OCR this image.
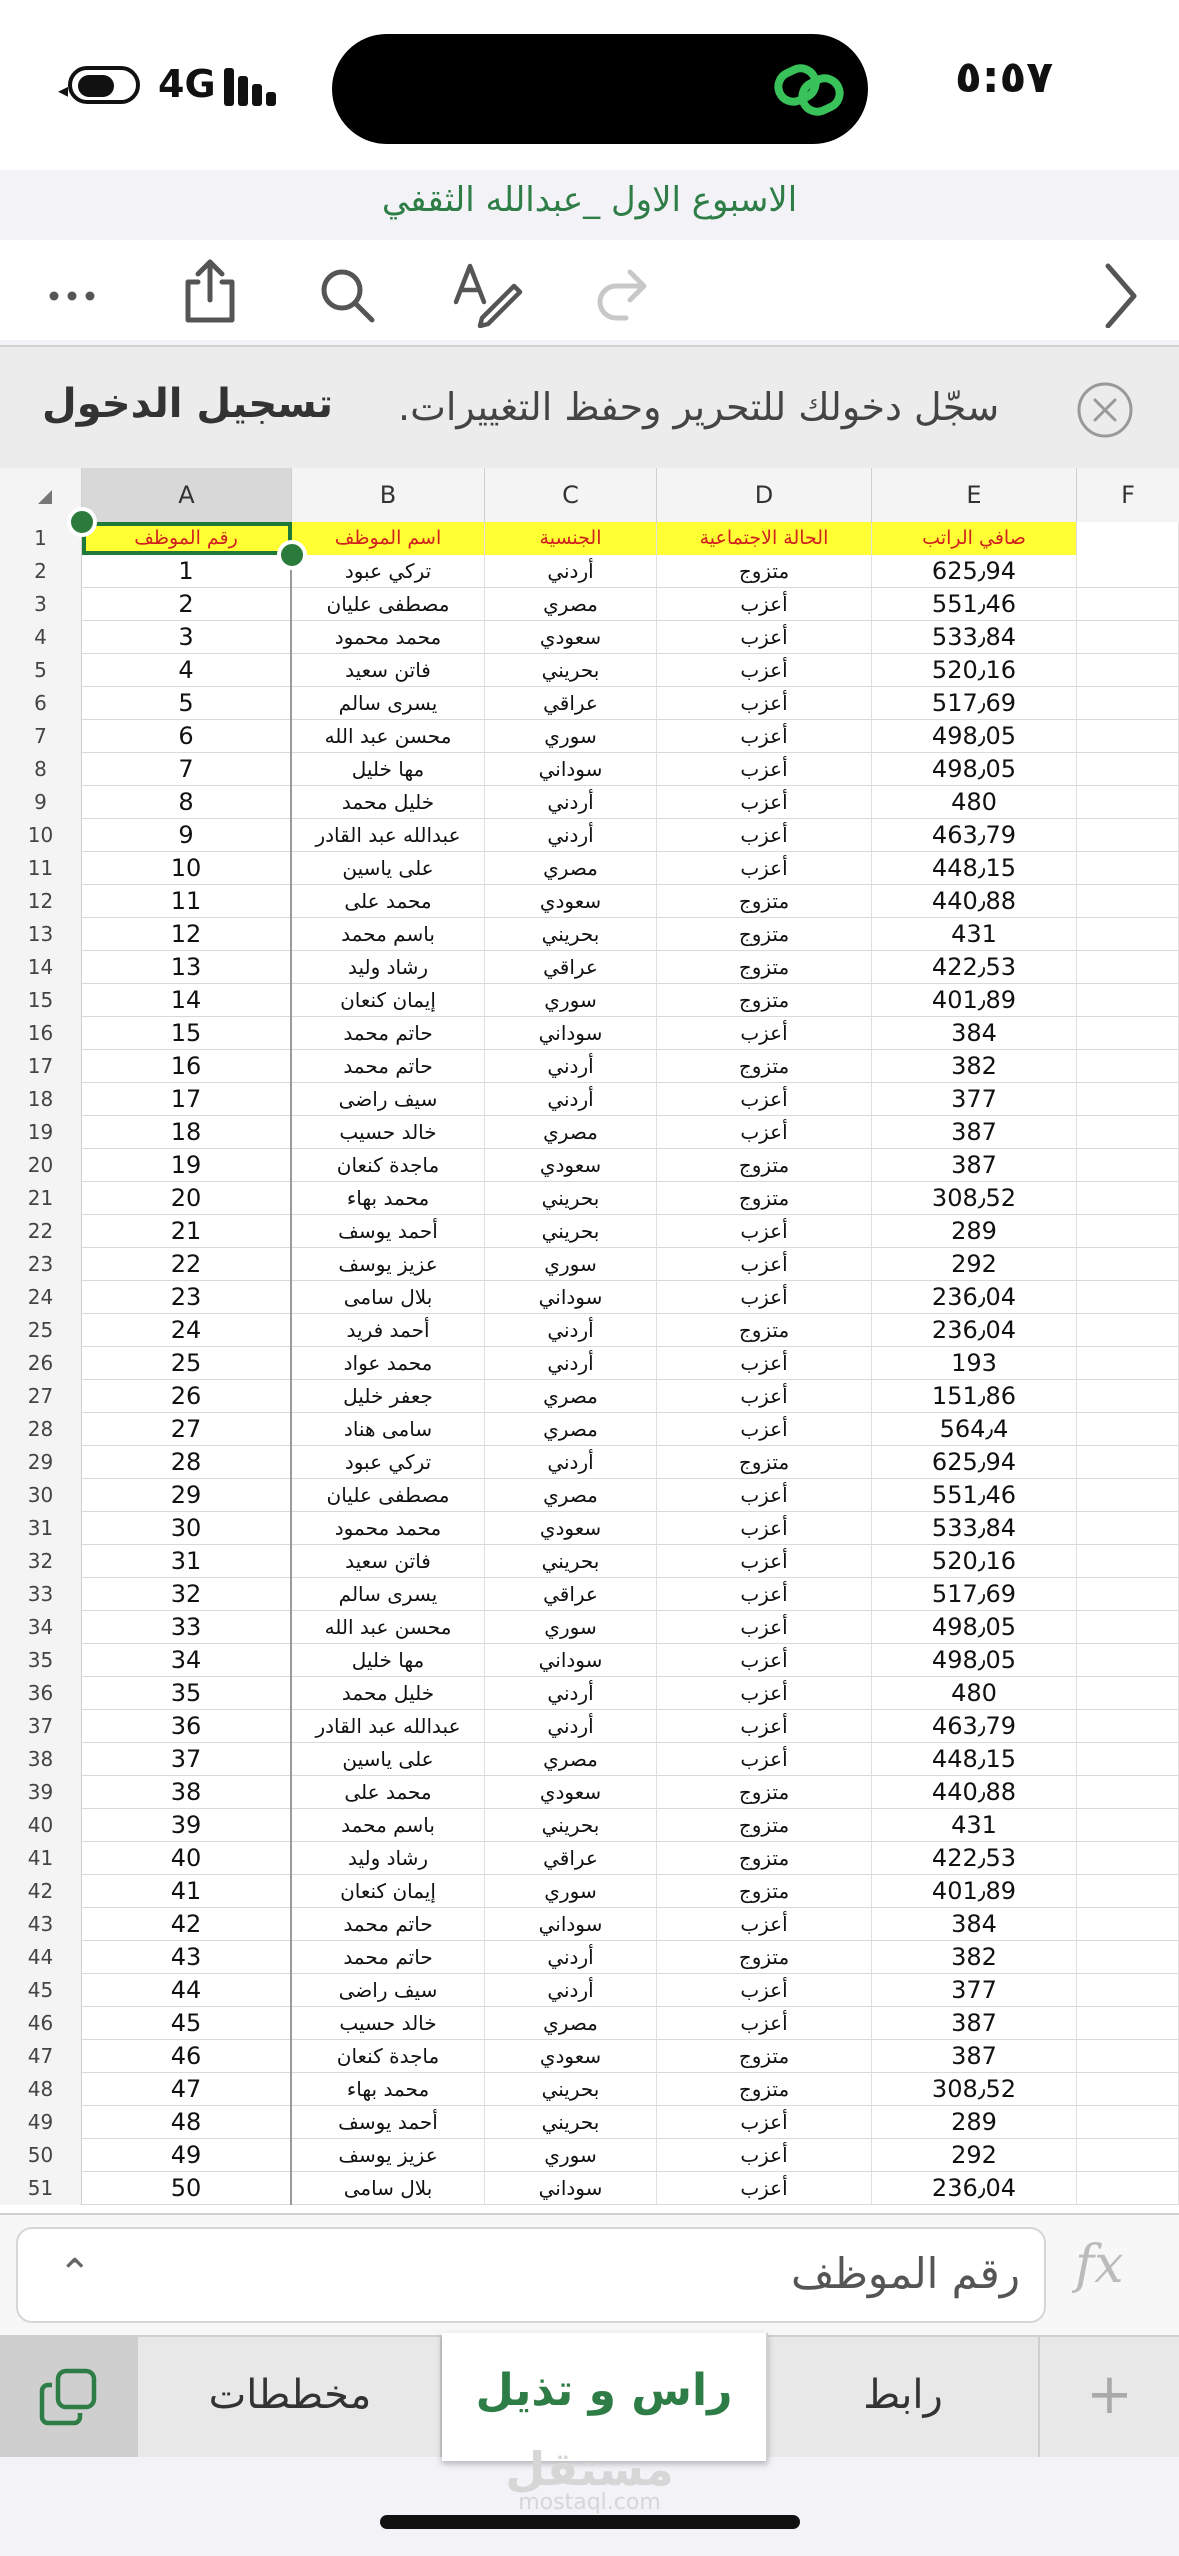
◂ 4G	٥:٥٧
الاسبوع الاول _عبدالله الثقفي
تسجيل الدخول سجّل دخولك للتحرير وحفظ التغييرات.
A	B	C	D	E	F
1	رقم الموظف	اسم الموظف	الجنسية	الحالة الاجتماعية	صافي الراتب
2	1	تركي عبود	أردني	متزوج	625٫94
3	2	مصطفى عليان	مصري	أعزب	551٫46
4	3	محمد محمود	سعودي	أعزب	533٫84
5	4	فاتن سعيد	بحريني	أعزب	520٫16
6	5	يسرى سالم	عراقي	أعزب	517٫69
7	6	محسن عبد الله	سوري	أعزب	498٫05
8	7	مها خليل	سوداني	أعزب	498٫05
9	8	خليل محمد	أردني	أعزب	480
10	9	عبدالله عبد القادر	أردني	أعزب	463٫79
11	10	على ياسين	مصري	أعزب	448٫15
12	11	محمد على	سعودي	متزوج	440٫88
13	12	باسم محمد	بحريني	متزوج	431
14	13	رشاد وليد	عراقي	متزوج	422٫53
15	14	إيمان كنعان	سوري	متزوج	401٫89
16	15	حاتم محمد	سوداني	أعزب	384
17	16	حاتم محمد	أردني	متزوج	382
18	17	سيف راضى	أردني	أعزب	377
19	18	خالد حسيب	مصري	أعزب	387
20	19	ماجدة كنعان	سعودي	متزوج	387
21	20	محمد بهاء	بحريني	متزوج	308٫52
22	21	أحمد يوسف	بحريني	أعزب	289
23	22	عزيز يوسف	سوري	أعزب	292
24	23	بلال سامى	سوداني	أعزب	236٫04
25	24	أحمد فريد	أردني	متزوج	236٫04
26	25	محمد عواد	أردني	أعزب	193
27	26	جعفر خليل	مصري	أعزب	151٫86
28	27	سامى هناد	مصري	أعزب	564٫4
29	28	تركي عبود	أردني	متزوج	625٫94
30	29	مصطفى عليان	مصري	أعزب	551٫46
31	30	محمد محمود	سعودي	أعزب	533٫84
32	31	فاتن سعيد	بحريني	أعزب	520٫16
33	32	يسرى سالم	عراقي	أعزب	517٫69
34	33	محسن عبد الله	سوري	أعزب	498٫05
35	34	مها خليل	سوداني	أعزب	498٫05
36	35	خليل محمد	أردني	أعزب	480
37	36	عبدالله عبد القادر	أردني	أعزب	463٫79
38	37	على ياسين	مصري	أعزب	448٫15
39	38	محمد على	سعودي	متزوج	440٫88
40	39	باسم محمد	بحريني	متزوج	431
41	40	رشاد وليد	عراقي	متزوج	422٫53
42	41	إيمان كنعان	سوري	متزوج	401٫89
43	42	حاتم محمد	سوداني	أعزب	384
44	43	حاتم محمد	أردني	متزوج	382
45	44	سيف راضى	أردني	أعزب	377
46	45	خالد حسيب	مصري	أعزب	387
47	46	ماجدة كنعان	سعودي	متزوج	387
48	47	محمد بهاء	بحريني	متزوج	308٫52
49	48	أحمد يوسف	بحريني	أعزب	289
50	49	عزيز يوسف	سوري	أعزب	292
51	50	بلال سامى	سوداني	أعزب	236٫04
⌃	رقم الموظف fx
مخططات	راس و تذيل	رابط	+
مستقل
mostaql.com
